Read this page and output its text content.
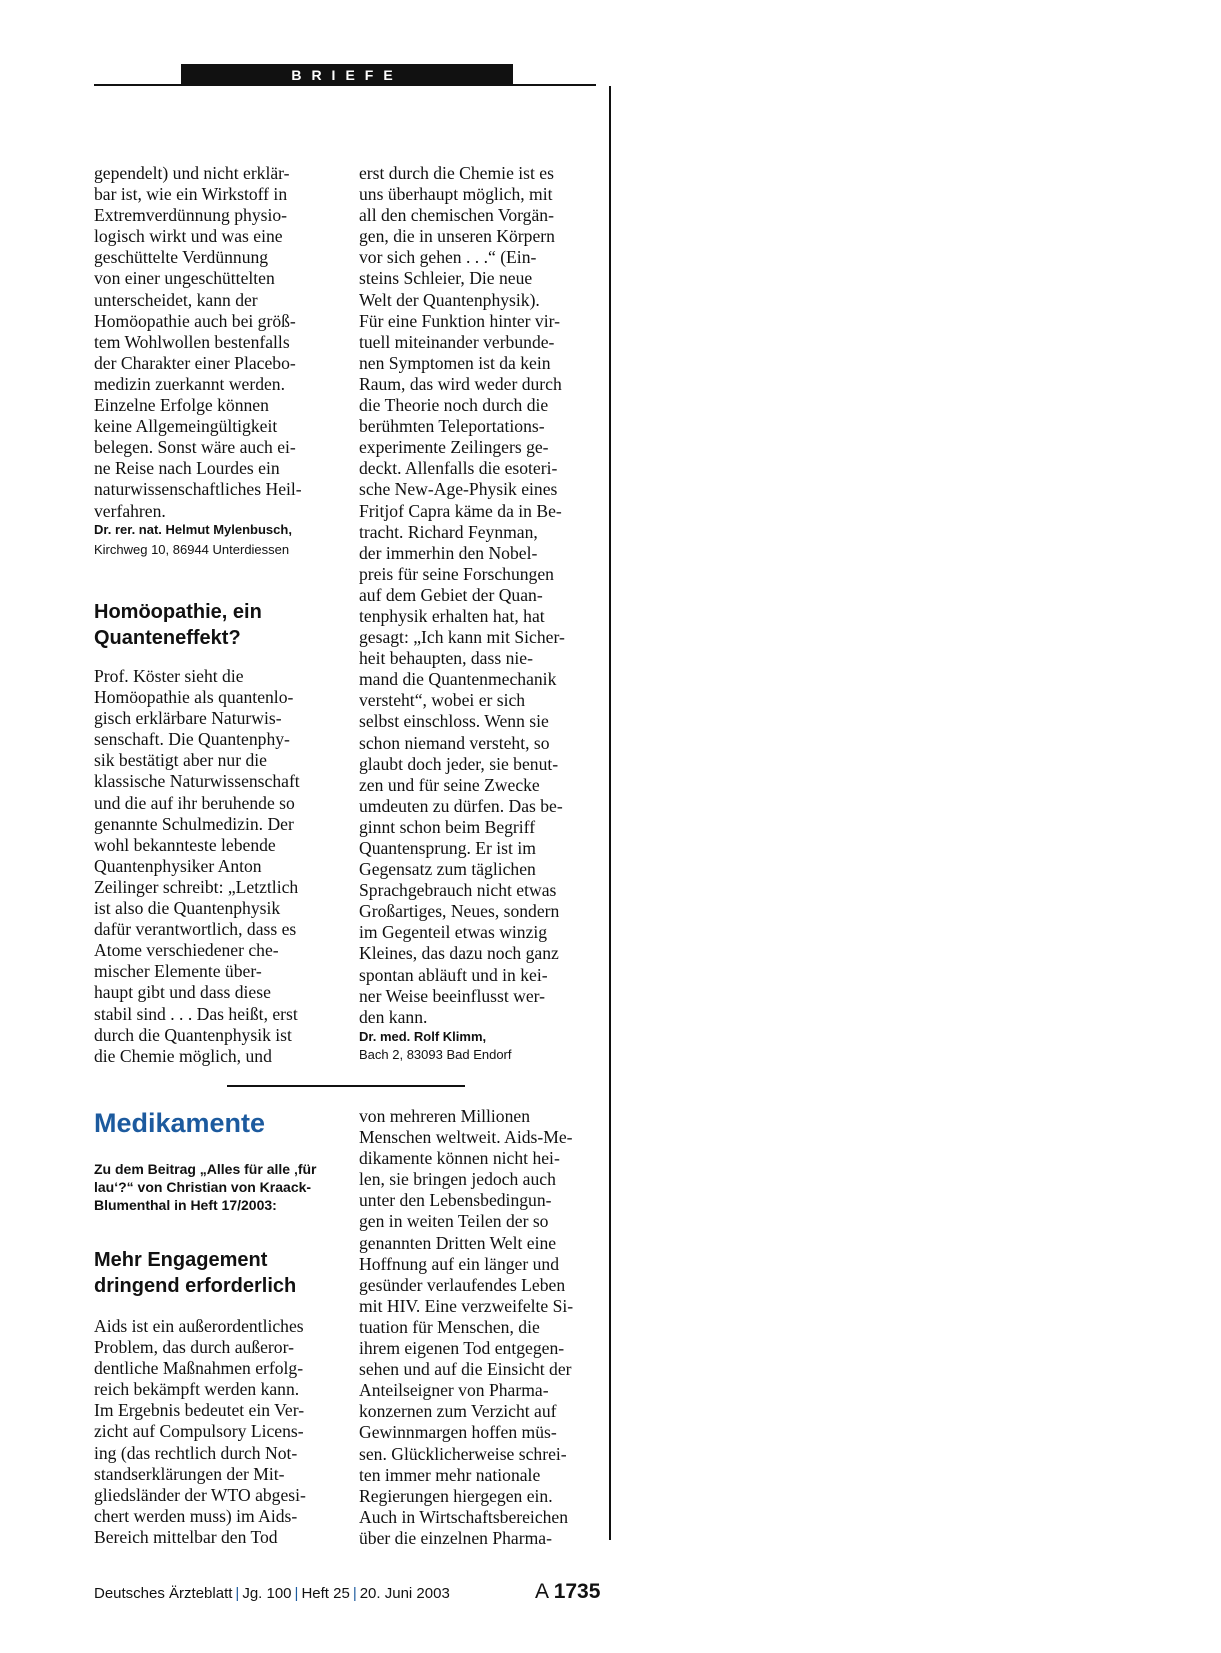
BRIEFE
gependelt) und nicht erklär-
bar ist, wie ein Wirkstoff in
Extremverdünnung physio-
logisch wirkt und was eine
geschüttelte Verdünnung
von einer ungeschüttelten
unterscheidet, kann der
Homöopathie auch bei größ-
tem Wohlwollen bestenfalls
der Charakter einer Placebo-
medizin zuerkannt werden.
Einzelne Erfolge können
keine Allgemeingültigkeit
belegen. Sonst wäre auch ei-
ne Reise nach Lourdes ein
naturwissenschaftliches Heil-
verfahren.
Dr. rer. nat. Helmut Mylenbusch,
Kirchweg 10, 86944 Unterdiessen
Homöopathie, ein
Quanteneffekt?
Prof. Köster sieht die
Homöopathie als quantenlo-
gisch erklärbare Naturwis-
senschaft. Die Quantenphy-
sik bestätigt aber nur die
klassische Naturwissenschaft
und die auf ihr beruhende so
genannte Schulmedizin. Der
wohl bekannteste lebende
Quantenphysiker Anton
Zeilinger schreibt: „Letztlich
ist also die Quantenphysik
dafür verantwortlich, dass es
Atome verschiedener che-
mischer Elemente über-
haupt gibt und dass diese
stabil sind . . . Das heißt, erst
durch die Quantenphysik ist
die Chemie möglich, und
erst durch die Chemie ist es
uns überhaupt möglich, mit
all den chemischen Vorgän-
gen, die in unseren Körpern
vor sich gehen . . .“ (Ein-
steins Schleier, Die neue
Welt der Quantenphysik).
Für eine Funktion hinter vir-
tuell miteinander verbunde-
nen Symptomen ist da kein
Raum, das wird weder durch
die Theorie noch durch die
berühmten Teleportations-
experimente Zeilingers ge-
deckt. Allenfalls die esoteri-
sche New-Age-Physik eines
Fritjof Capra käme da in Be-
tracht. Richard Feynman,
der immerhin den Nobel-
preis für seine Forschungen
auf dem Gebiet der Quan-
tenphysik erhalten hat, hat
gesagt: „Ich kann mit Sicher-
heit behaupten, dass nie-
mand die Quantenmechanik
versteht“, wobei er sich
selbst einschloss. Wenn sie
schon niemand versteht, so
glaubt doch jeder, sie benut-
zen und für seine Zwecke
umdeuten zu dürfen. Das be-
ginnt schon beim Begriff
Quantensprung. Er ist im
Gegensatz zum täglichen
Sprachgebrauch nicht etwas
Großartiges, Neues, sondern
im Gegenteil etwas winzig
Kleines, das dazu noch ganz
spontan abläuft und in kei-
ner Weise beeinflusst wer-
den kann.
Dr. med. Rolf Klimm,
Bach 2, 83093 Bad Endorf
Medikamente
Zu dem Beitrag „Alles für alle ‚für
lau‘?“ von Christian von Kraack-
Blumenthal in Heft 17/2003:
Mehr Engagement
dringend erforderlich
Aids ist ein außerordentliches
Problem, das durch außeror-
dentliche Maßnahmen erfolg-
reich bekämpft werden kann.
Im Ergebnis bedeutet ein Ver-
zicht auf Compulsory Licens-
ing (das rechtlich durch Not-
standserklärungen der Mit-
gliedsländer der WTO abgesi-
chert werden muss) im Aids-
Bereich mittelbar den Tod
von mehreren Millionen
Menschen weltweit. Aids-Me-
dikamente können nicht hei-
len, sie bringen jedoch auch
unter den Lebensbedingun-
gen in weiten Teilen der so
genannten Dritten Welt eine
Hoffnung auf ein länger und
gesünder verlaufendes Leben
mit HIV. Eine verzweifelte Si-
tuation für Menschen, die
ihrem eigenen Tod entgegen-
sehen und auf die Einsicht der
Anteilseigner von Pharma-
konzernen zum Verzicht auf
Gewinnmargen hoffen müs-
sen. Glücklicherweise schrei-
ten immer mehr nationale
Regierungen hiergegen ein.
Auch in Wirtschaftsbereichen
über die einzelnen Pharma-
Deutsches Ärzteblatt | Jg. 100 | Heft 25 | 20. Juni 2003	A 1735
